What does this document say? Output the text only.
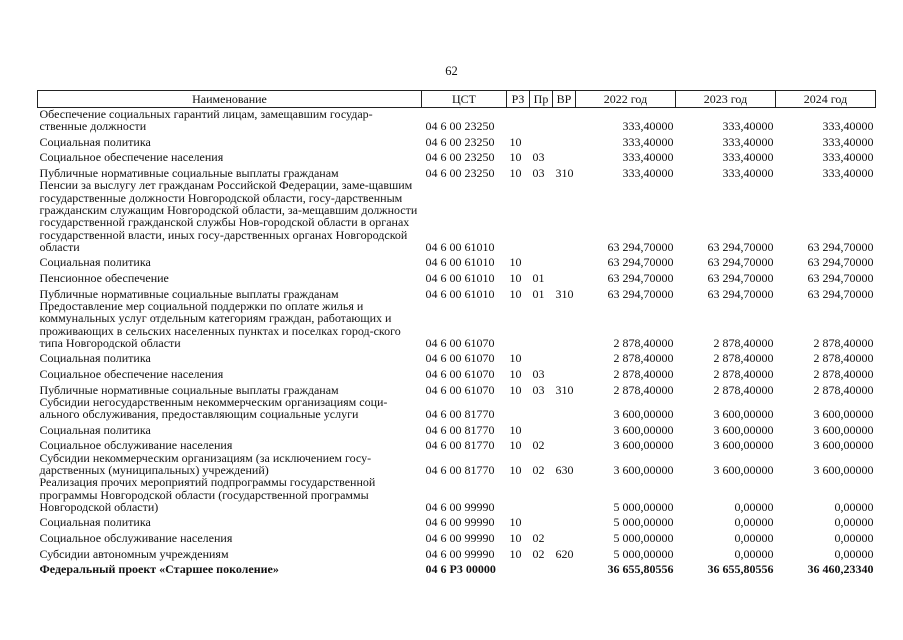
62
Наименование	ЦСТ	РЗ	Пр	ВР	2022 год	2023 год	2024 год
Обеспечение социальных гарантий лицам, замещавшим государ-ственные должности	04 6 00 23250				333,40000	333,40000	333,40000
Социальная политика	04 6 00 23250	10			333,40000	333,40000	333,40000
Социальное обеспечение населения	04 6 00 23250	10	03		333,40000	333,40000	333,40000
Публичные нормативные социальные выплаты гражданам	04 6 00 23250	10	03	310	333,40000	333,40000	333,40000
Пенсии за выслугу лет гражданам Российской Федерации, заме-щавшим государственные должности Новгородской области, госу-дарственным гражданским служащим Новгородской области, за-мещавшим должности государственной гражданской службы Нов-городской области в органах государственной власти, иных госу-дарственных органах Новгородской области	04 6 00 61010				63 294,70000	63 294,70000	63 294,70000
Социальная политика	04 6 00 61010	10			63 294,70000	63 294,70000	63 294,70000
Пенсионное обеспечение	04 6 00 61010	10	01		63 294,70000	63 294,70000	63 294,70000
Публичные нормативные социальные выплаты гражданам	04 6 00 61010	10	01	310	63 294,70000	63 294,70000	63 294,70000
Предоставление мер социальной поддержки по оплате жилья и коммунальных услуг отдельным категориям граждан, работающих и проживающих в сельских населенных пунктах и поселках город-ского типа Новгородской области	04 6 00 61070				2 878,40000	2 878,40000	2 878,40000
Социальная политика	04 6 00 61070	10			2 878,40000	2 878,40000	2 878,40000
Социальное обеспечение населения	04 6 00 61070	10	03		2 878,40000	2 878,40000	2 878,40000
Публичные нормативные социальные выплаты гражданам	04 6 00 61070	10	03	310	2 878,40000	2 878,40000	2 878,40000
Субсидии негосударственным некоммерческим организациям соци-ального обслуживания, предоставляющим социальные услуги	04 6 00 81770				3 600,00000	3 600,00000	3 600,00000
Социальная политика	04 6 00 81770	10			3 600,00000	3 600,00000	3 600,00000
Социальное обслуживание населения	04 6 00 81770	10	02		3 600,00000	3 600,00000	3 600,00000
Субсидии некоммерческим организациям (за исключением госу-дарственных (муниципальных) учреждений)	04 6 00 81770	10	02	630	3 600,00000	3 600,00000	3 600,00000
Реализация прочих мероприятий подпрограммы государственной программы Новгородской области (государственной программы Новгородской области)	04 6 00 99990				5 000,00000	0,00000	0,00000
Социальная политика	04 6 00 99990	10			5 000,00000	0,00000	0,00000
Социальное обслуживание населения	04 6 00 99990	10	02		5 000,00000	0,00000	0,00000
Субсидии автономным учреждениям	04 6 00 99990	10	02	620	5 000,00000	0,00000	0,00000
Федеральный проект «Старшее поколение»	04 6 Р3 00000				36 655,80556	36 655,80556	36 460,23340
